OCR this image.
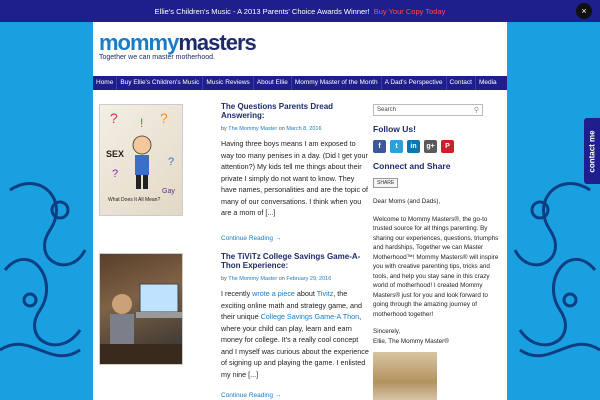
Ellie's Children's Music - A 2013 Parents' Choice Awards Winner! Buy Your Copy Today	×
mommymasters
Together we can master motherhood.
Home	Buy Ellie's Children's Music	Music Reviews	About Ellie	Mommy Master of the Month	A Dad's Perspective	Contact	Media
? ! ?
SEX
What Does It All Mean?
Gay
?
?
The Questions Parents Dread Answering:
by The Mommy Master on March 8, 2016
Having three boys means I am exposed to way too many penises in a day. (Did I get your attention?) My kids tell me things about their private I simply do not want to know. They have names, personalities and are the topic of many of our conversations. I think when you are a mom of [...]
Continue Reading →
The TiViTz College Savings Game-A-Thon Experience:
by The Mommy Master on February 29, 2016
I recently wrote a piece about Tivitz, the exciting online math and strategy game, and their unique College Savings Game-A Thon, where your child can play, learn and earn money for college. It's a really cool concept and I myself was curious about the experience of signing up and playing the game. I enlisted my nine [...]
Continue Reading →
Search	⚲
Follow Us!
f	t	in	g+	P
Connect and Share
SHARE
Dear Moms (and Dads),
Welcome to Mommy Masters®, the go-to trusted source for all things parenting. By sharing our experiences, questions, triumphs and hardships, Together we can Master Motherhood™! Mommy Masters® will inspire you with creative parenting tips, tricks and tools, and help you stay sane in this crazy world of motherhood! I created Mommy Masters® just for you and look forward to going through the amazing journey of motherhood together!
Sincerely,
Ellie, The Mommy Master®
contact me
